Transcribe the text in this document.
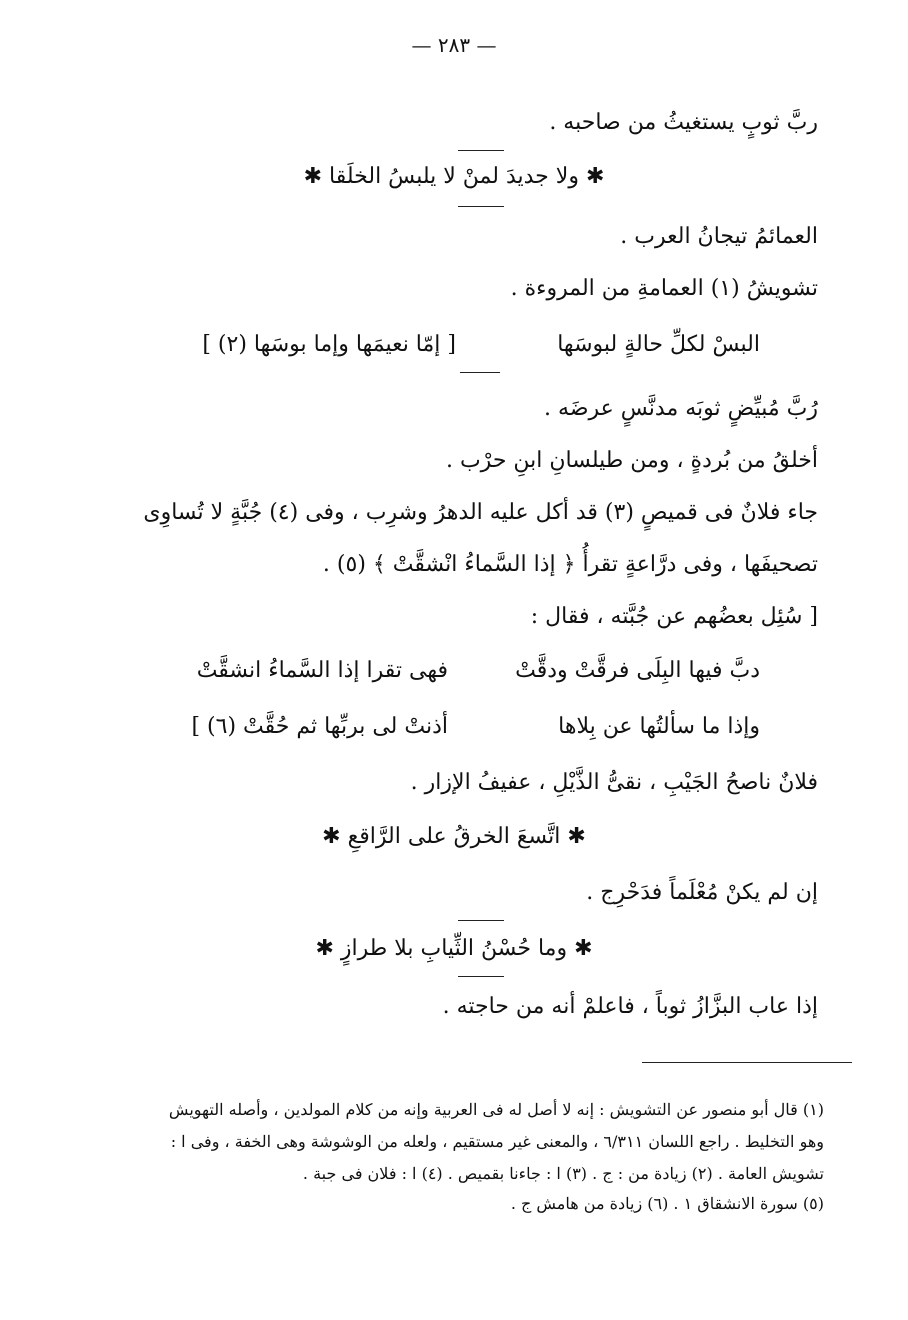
— ٢٨٣ —
ربَّ ثوبٍ يستغيثُ من صاحبه .
✱ ولا جديدَ لمنْ لا يلبسُ الخلَقا ✱
العمائمُ تيجانُ العرب .
تشويشُ (١) العمامةِ من المروءة .
البسْ لكلِّ حالةٍ لبوسَها
[ إمّا نعيمَها وإما بوسَها (٢) ]
رُبَّ مُبيِّضٍ ثوبَه مدنَّسٍ عرضَه .
أخلقُ من بُردةٍ ، ومن طيلسانِ ابنِ حرْب .
جاء فلانٌ فى قميصٍ (٣) قد أكل عليه الدهرُ وشرِب ، وفى (٤) جُبَّةٍ لا تُساوِى
تصحيفَها ، وفى درَّاعةٍ تقرأُ ﴿ إذا السَّماءُ انْشقَّتْ ﴾ (٥) .
[ سُئِل بعضُهم عن جُبَّته ، فقال :
دبَّ فيها البِلَى فرقَّتْ ودقَّتْ
فهى تقرا إذا السَّماءُ انشقَّتْ
وإذا ما سألتُها عن بِلاها
أذنتْ لى بربِّها ثم حُقَّتْ (٦) ]
فلانٌ ناصحُ الجَيْبِ ، نقىُّ الذَّيْلِ ، عفيفُ الإزار .
✱ اتَّسعَ الخرقُ على الرَّاقعِ ✱
إن لم يكنْ مُعْلَماً فدَحْرِج .
✱ وما حُسْنُ الثِّيابِ بلا طرازٍ ✱
إذا عاب البزَّازُ ثوباً ، فاعلمْ أنه من حاجته .
(١) قال أبو منصور عن التشويش : إنه لا أصل له فى العربية وإنه من كلام المولدين ، وأصله التهويش
وهو التخليط . راجع اللسان ٦/٣١١ ، والمعنى غير مستقيم ، ولعله من الوشوشة وهى الخفة ، وفى ا :
تشويش العامة . (٢) زيادة من : ج . (٣) ا : جاءنا بقميص . (٤) ا : فلان فى جبة .
(٥) سورة الانشقاق ١ . (٦) زيادة من هامش ج .
